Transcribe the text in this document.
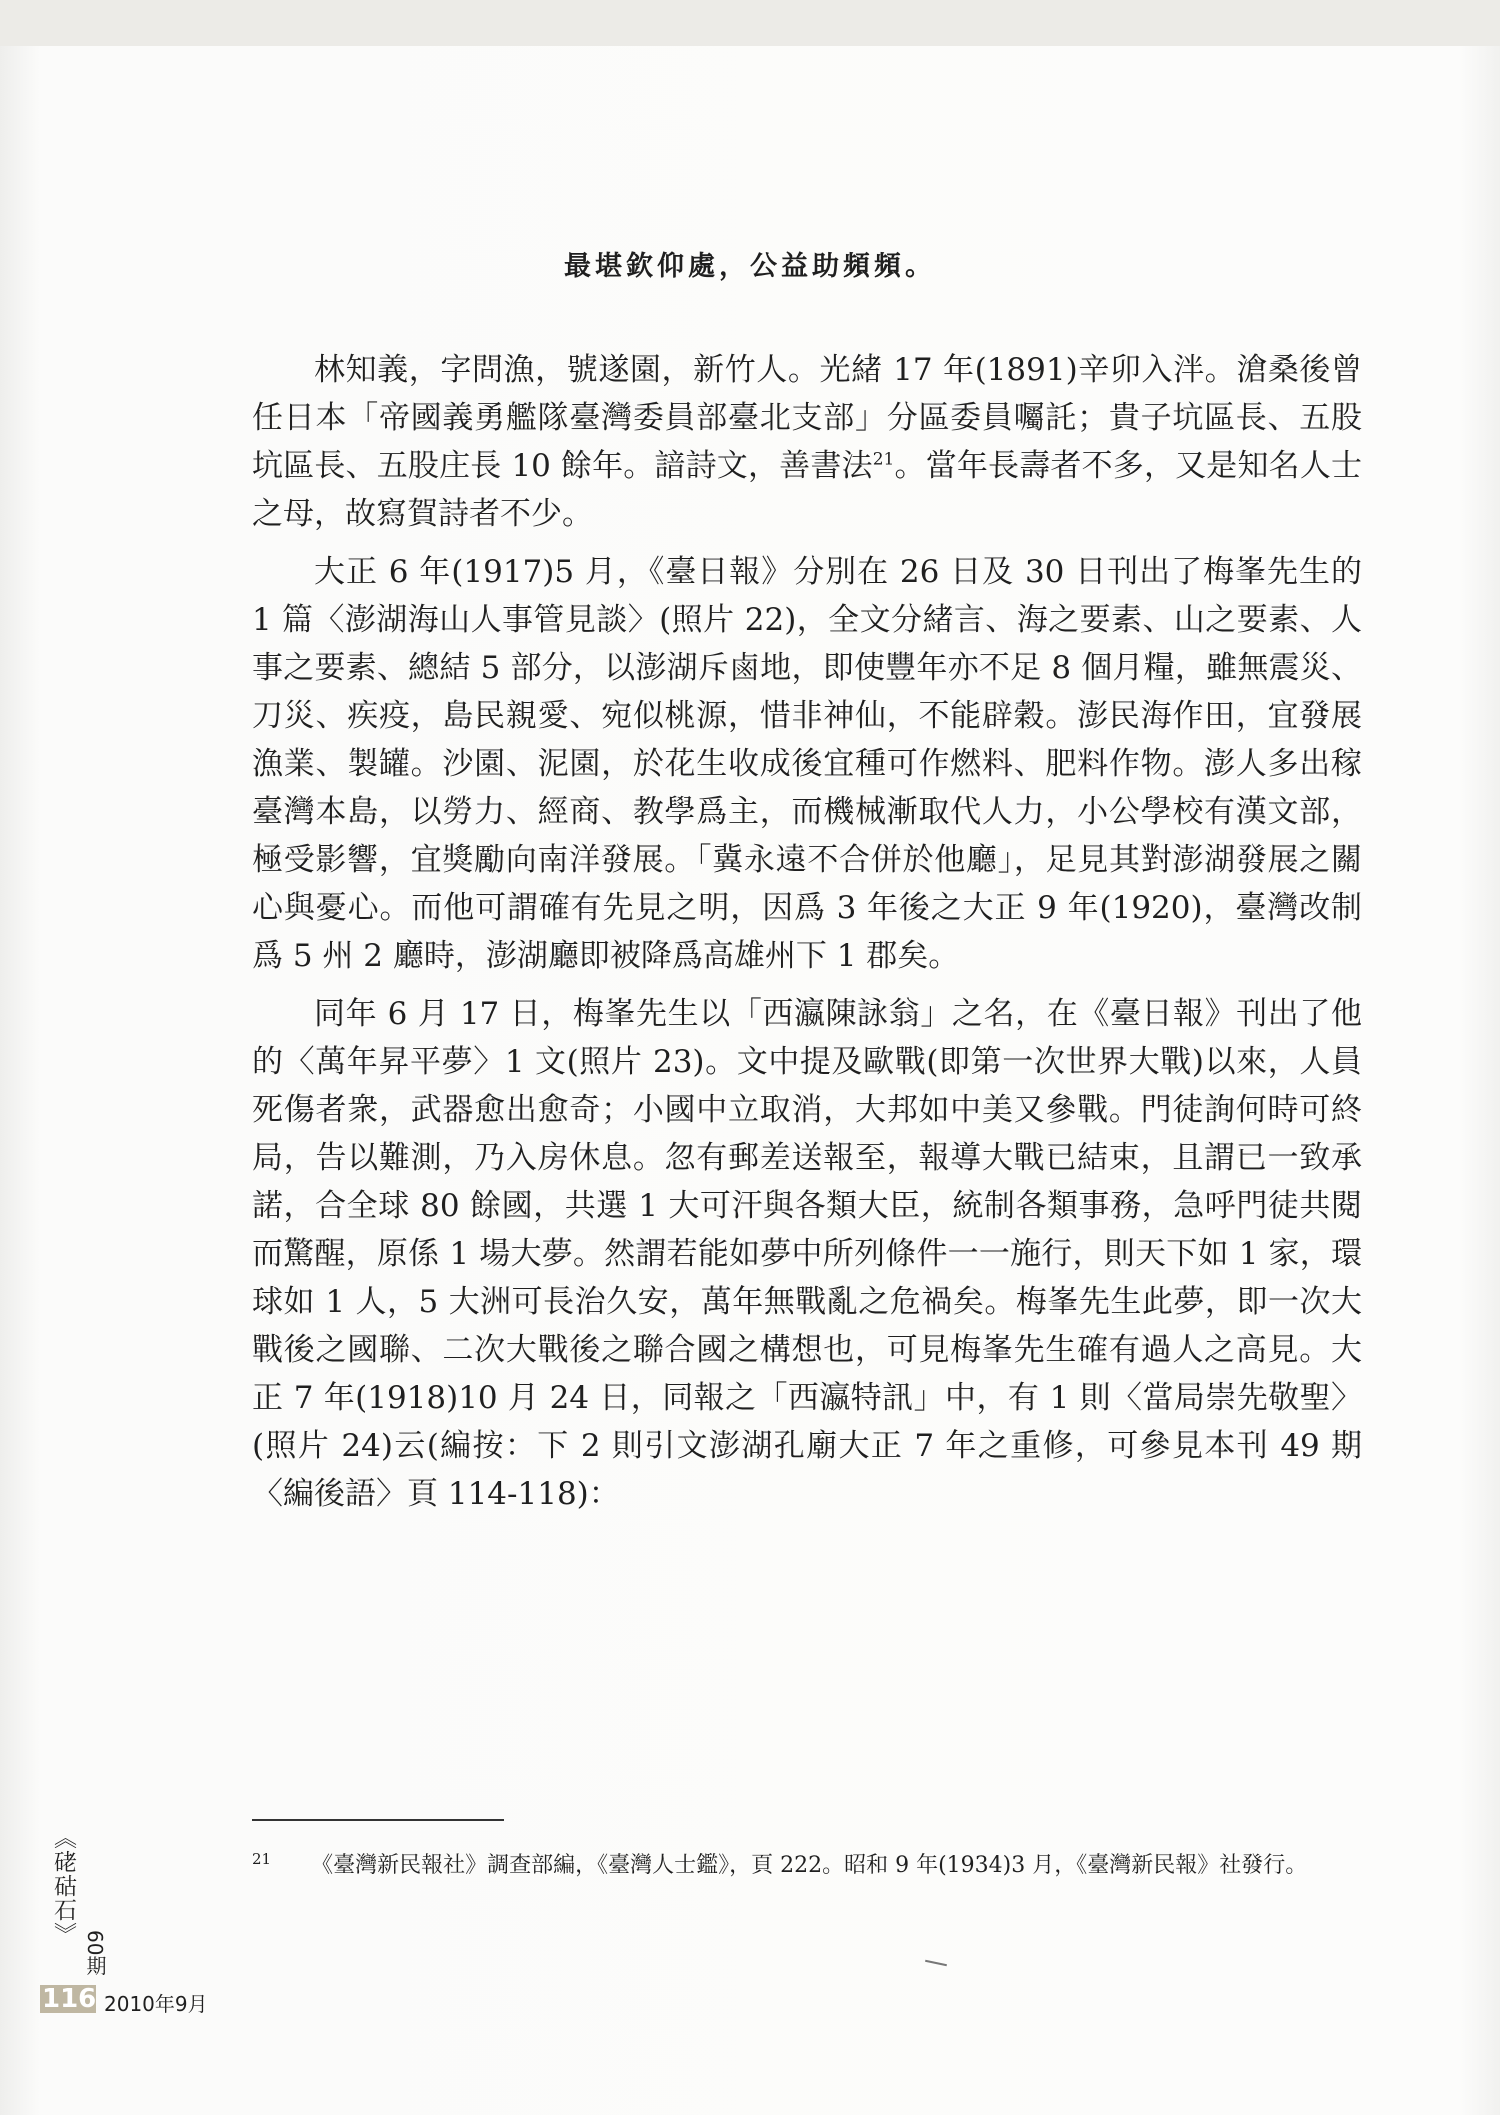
最堪欽仰處，公益助頻頻。

林知義，字問漁，號遂園，新竹人。光緒 17 年(1891)辛卯入泮。滄桑後曾任日本「帝國義勇艦隊臺灣委員部臺北支部」分區委員囑託；貴子坑區長、五股坑區長、五股庄長 10 餘年。諳詩文，善書法$^{21}$。當年長壽者不多，又是知名人士之母，故寫賀詩者不少。

大正 6 年(1917)5 月，《臺日報》分別在 26 日及 30 日刊出了梅峯先生的 1 篇〈澎湖海山人事管見談〉(照片 22)，全文分緒言、海之要素、山之要素、人事之要素、總結 5 部分，以澎湖斥鹵地，即使豐年亦不足 8 個月糧，雖無震災、刀災、疾疫，島民親愛、宛似桃源，惜非神仙，不能辟穀。澎民海作田，宜發展漁業、製罐。沙園、泥園，於花生收成後宜種可作燃料、肥料作物。澎人多出稼臺灣本島，以勞力、經商、教學爲主，而機械漸取代人力，小公學校有漢文部，極受影響，宜獎勵向南洋發展。「冀永遠不合併於他廳」，足見其對澎湖發展之關心與憂心。而他可謂確有先見之明，因爲 3 年後之大正 9 年(1920)，臺灣改制爲 5 州 2 廳時，澎湖廳即被降爲高雄州下 1 郡矣。

同年 6 月 17 日，梅峯先生以「西瀛陳詠翁」之名，在《臺日報》刊出了他的〈萬年昇平夢〉1 文(照片 23)。文中提及歐戰(即第一次世界大戰)以來，人員死傷者衆，武器愈出愈奇；小國中立取消，大邦如中美又參戰。門徒詢何時可終局，告以難測，乃入房休息。忽有郵差送報至，報導大戰已結束，且謂已一致承諾，合全球 80 餘國，共選 1 大可汗與各類大臣，統制各類事務，急呼門徒共閱而驚醒，原係 1 場大夢。然謂若能如夢中所列條件一一施行，則天下如 1 家，環球如 1 人，5 大洲可長治久安，萬年無戰亂之危禍矣。梅峯先生此夢，即一次大戰後之國聯、二次大戰後之聯合國之構想也，可見梅峯先生確有過人之高見。大正 7 年(1918)10 月 24 日，同報之「西瀛特訊」中，有 1 則〈當局崇先敬聖〉(照片 24)云(編按：下 2 則引文澎湖孔廟大正 7 年之重修，可參見本刊 49 期〈編後語〉頁 114-118)：

$^{21}$ 《臺灣新民報社》調查部編，《臺灣人士鑑》，頁 222。昭和 9 年(1934)3 月，《臺灣新民報》社發行。
《硓𥑮石》
60期
116 2010年9月
